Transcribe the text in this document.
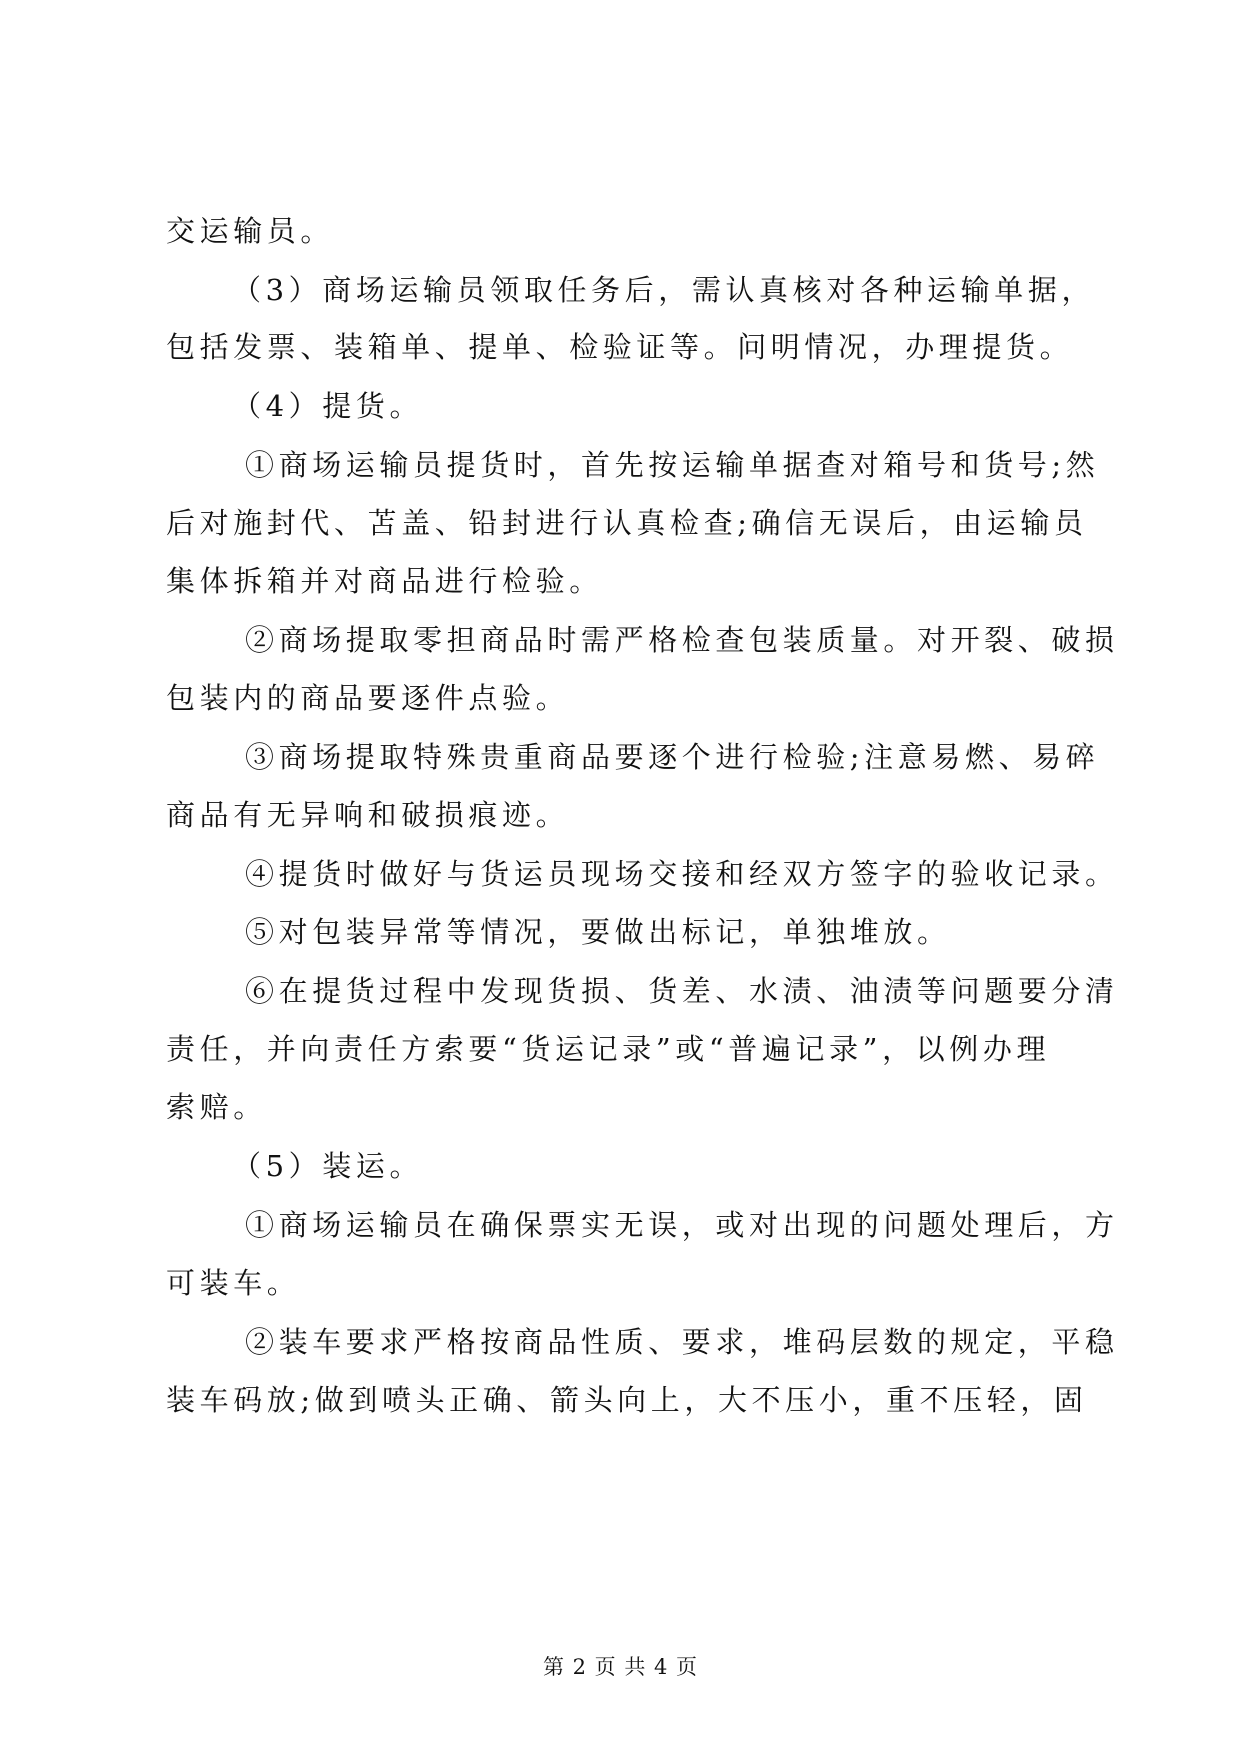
交运输员。
（3）商场运输员领取任务后，需认真核对各种运输单据，
包括发票、装箱单、提单、检验证等。问明情况，办理提货。
（4）提货。
①商场运输员提货时，首先按运输单据查对箱号和货号;然
后对施封代、苫盖、铅封进行认真检查;确信无误后，由运输员
集体拆箱并对商品进行检验。
②商场提取零担商品时需严格检查包装质量。对开裂、破损
包装内的商品要逐件点验。
③商场提取特殊贵重商品要逐个进行检验;注意易燃、易碎
商品有无异响和破损痕迹。
④提货时做好与货运员现场交接和经双方签字的验收记录。
⑤对包装异常等情况，要做出标记，单独堆放。
⑥在提货过程中发现货损、货差、水渍、油渍等问题要分清
责任，并向责任方索要“货运记录”或“普遍记录”，以例办理
索赔。
（5）装运。
①商场运输员在确保票实无误，或对出现的问题处理后，方
可装车。
②装车要求严格按商品性质、要求，堆码层数的规定，平稳
装车码放;做到喷头正确、箭头向上，大不压小，重不压轻，固
第 2 页 共 4 页
